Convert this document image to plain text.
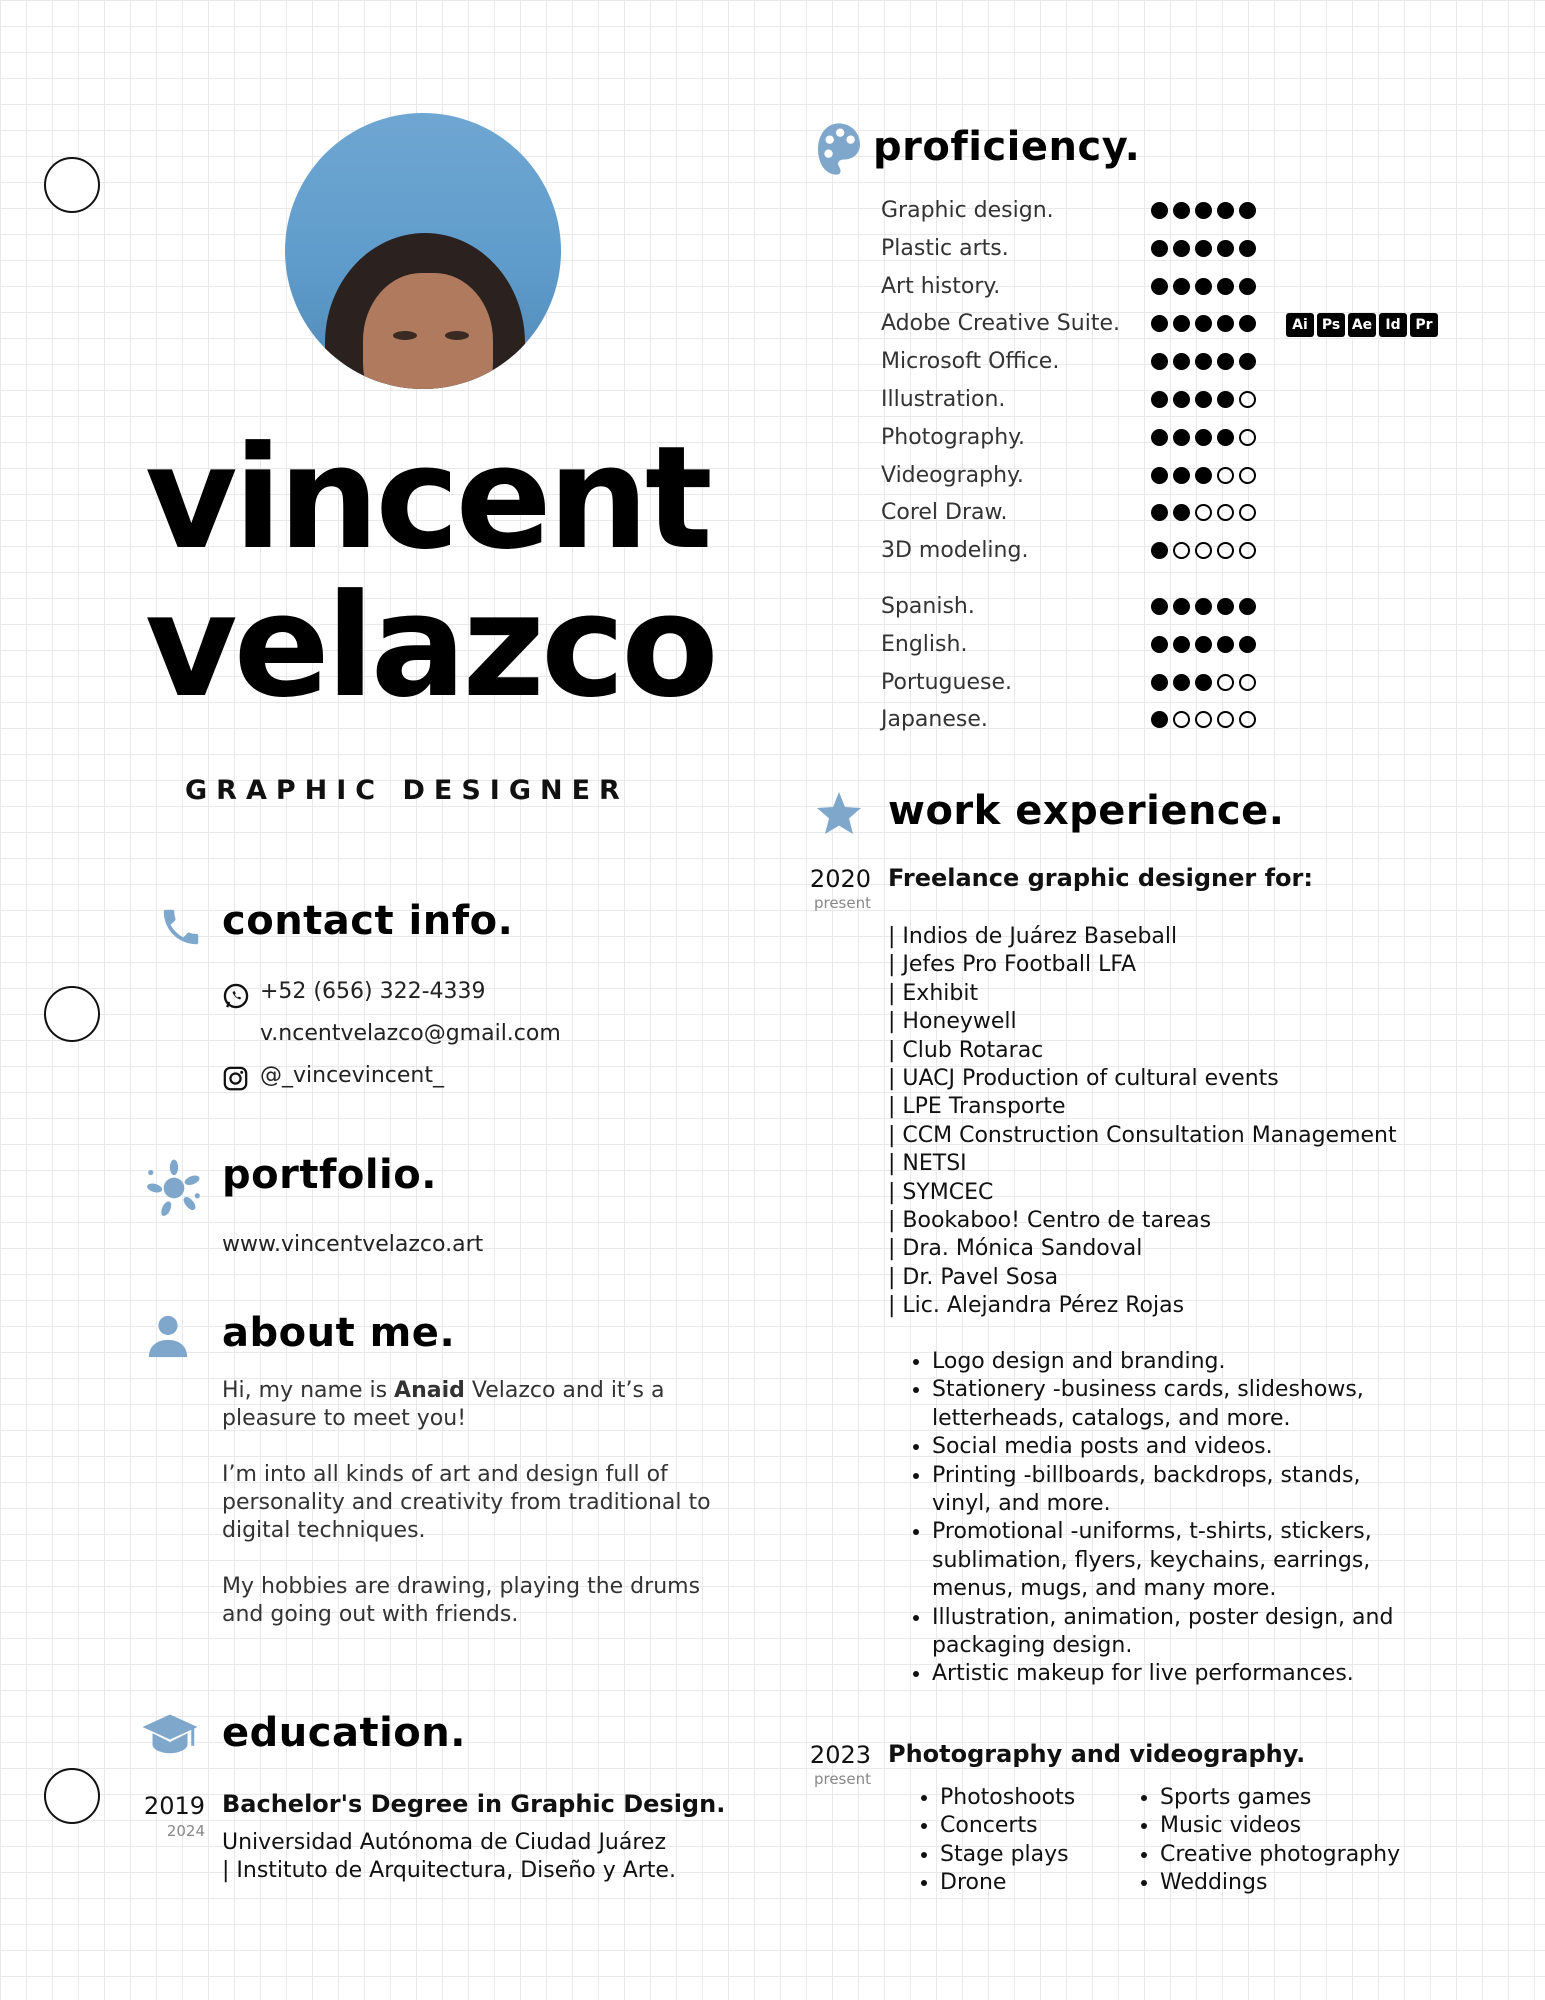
vincent
velazco
GRAPHIC DESIGNER
contact info.
+52 (656) 322-4339
v.ncentvelazco@gmail.com
@_vincevincent_
portfolio.
www.vincentvelazco.art
about me.

Hi, my name is Anaid Velazco and it’s a pleasure to meet you!

I’m into all kinds of art and design full of personality and creativity from traditional to digital techniques.

My hobbies are drawing, playing the drums and going out with friends.

education.
2019
2024
Bachelor's Degree in Graphic Design.
Universidad Autónoma de Ciudad Juárez
| Instituto de Arquitectura, Diseño y Arte.
proficiency.
Graphic design.
Plastic arts.
Art history.
Adobe Creative Suite.	Ai	Ps Ae Id	Pr
Microsoft Office.
Illustration.
Photography.
Videography.
Corel Draw.
3D modeling.
Spanish.
English.
Portuguese.
Japanese.
work experience.
2020
present
Freelance graphic designer for:
| Indios de Juárez Baseball
| Jefes Pro Football LFA
| Exhibit
| Honeywell
| Club Rotarac
| UACJ Production of cultural events
| LPE Transporte
| CCM Construction Consultation Management
| NETSI
| SYMCEC
| Bookaboo! Centro de tareas
| Dra. Mónica Sandoval
| Dr. Pavel Sosa
| Lic. Alejandra Pérez Rojas
• Logo design and branding.
• Stationery -business cards, slideshows, letterheads, catalogs, and more.
• Social media posts and videos.
• Printing -billboards, backdrops, stands, vinyl, and more.
• Promotional -uniforms, t-shirts, stickers, sublimation, flyers, keychains, earrings, menus, mugs, and many more.
• Illustration, animation, poster design, and packaging design.
• Artistic makeup for live performances.
2023
present
Photography and videography.
• Photoshoots
• Concerts
• Stage plays
• Drone
• Sports games
• Music videos
• Creative photography
• Weddings
